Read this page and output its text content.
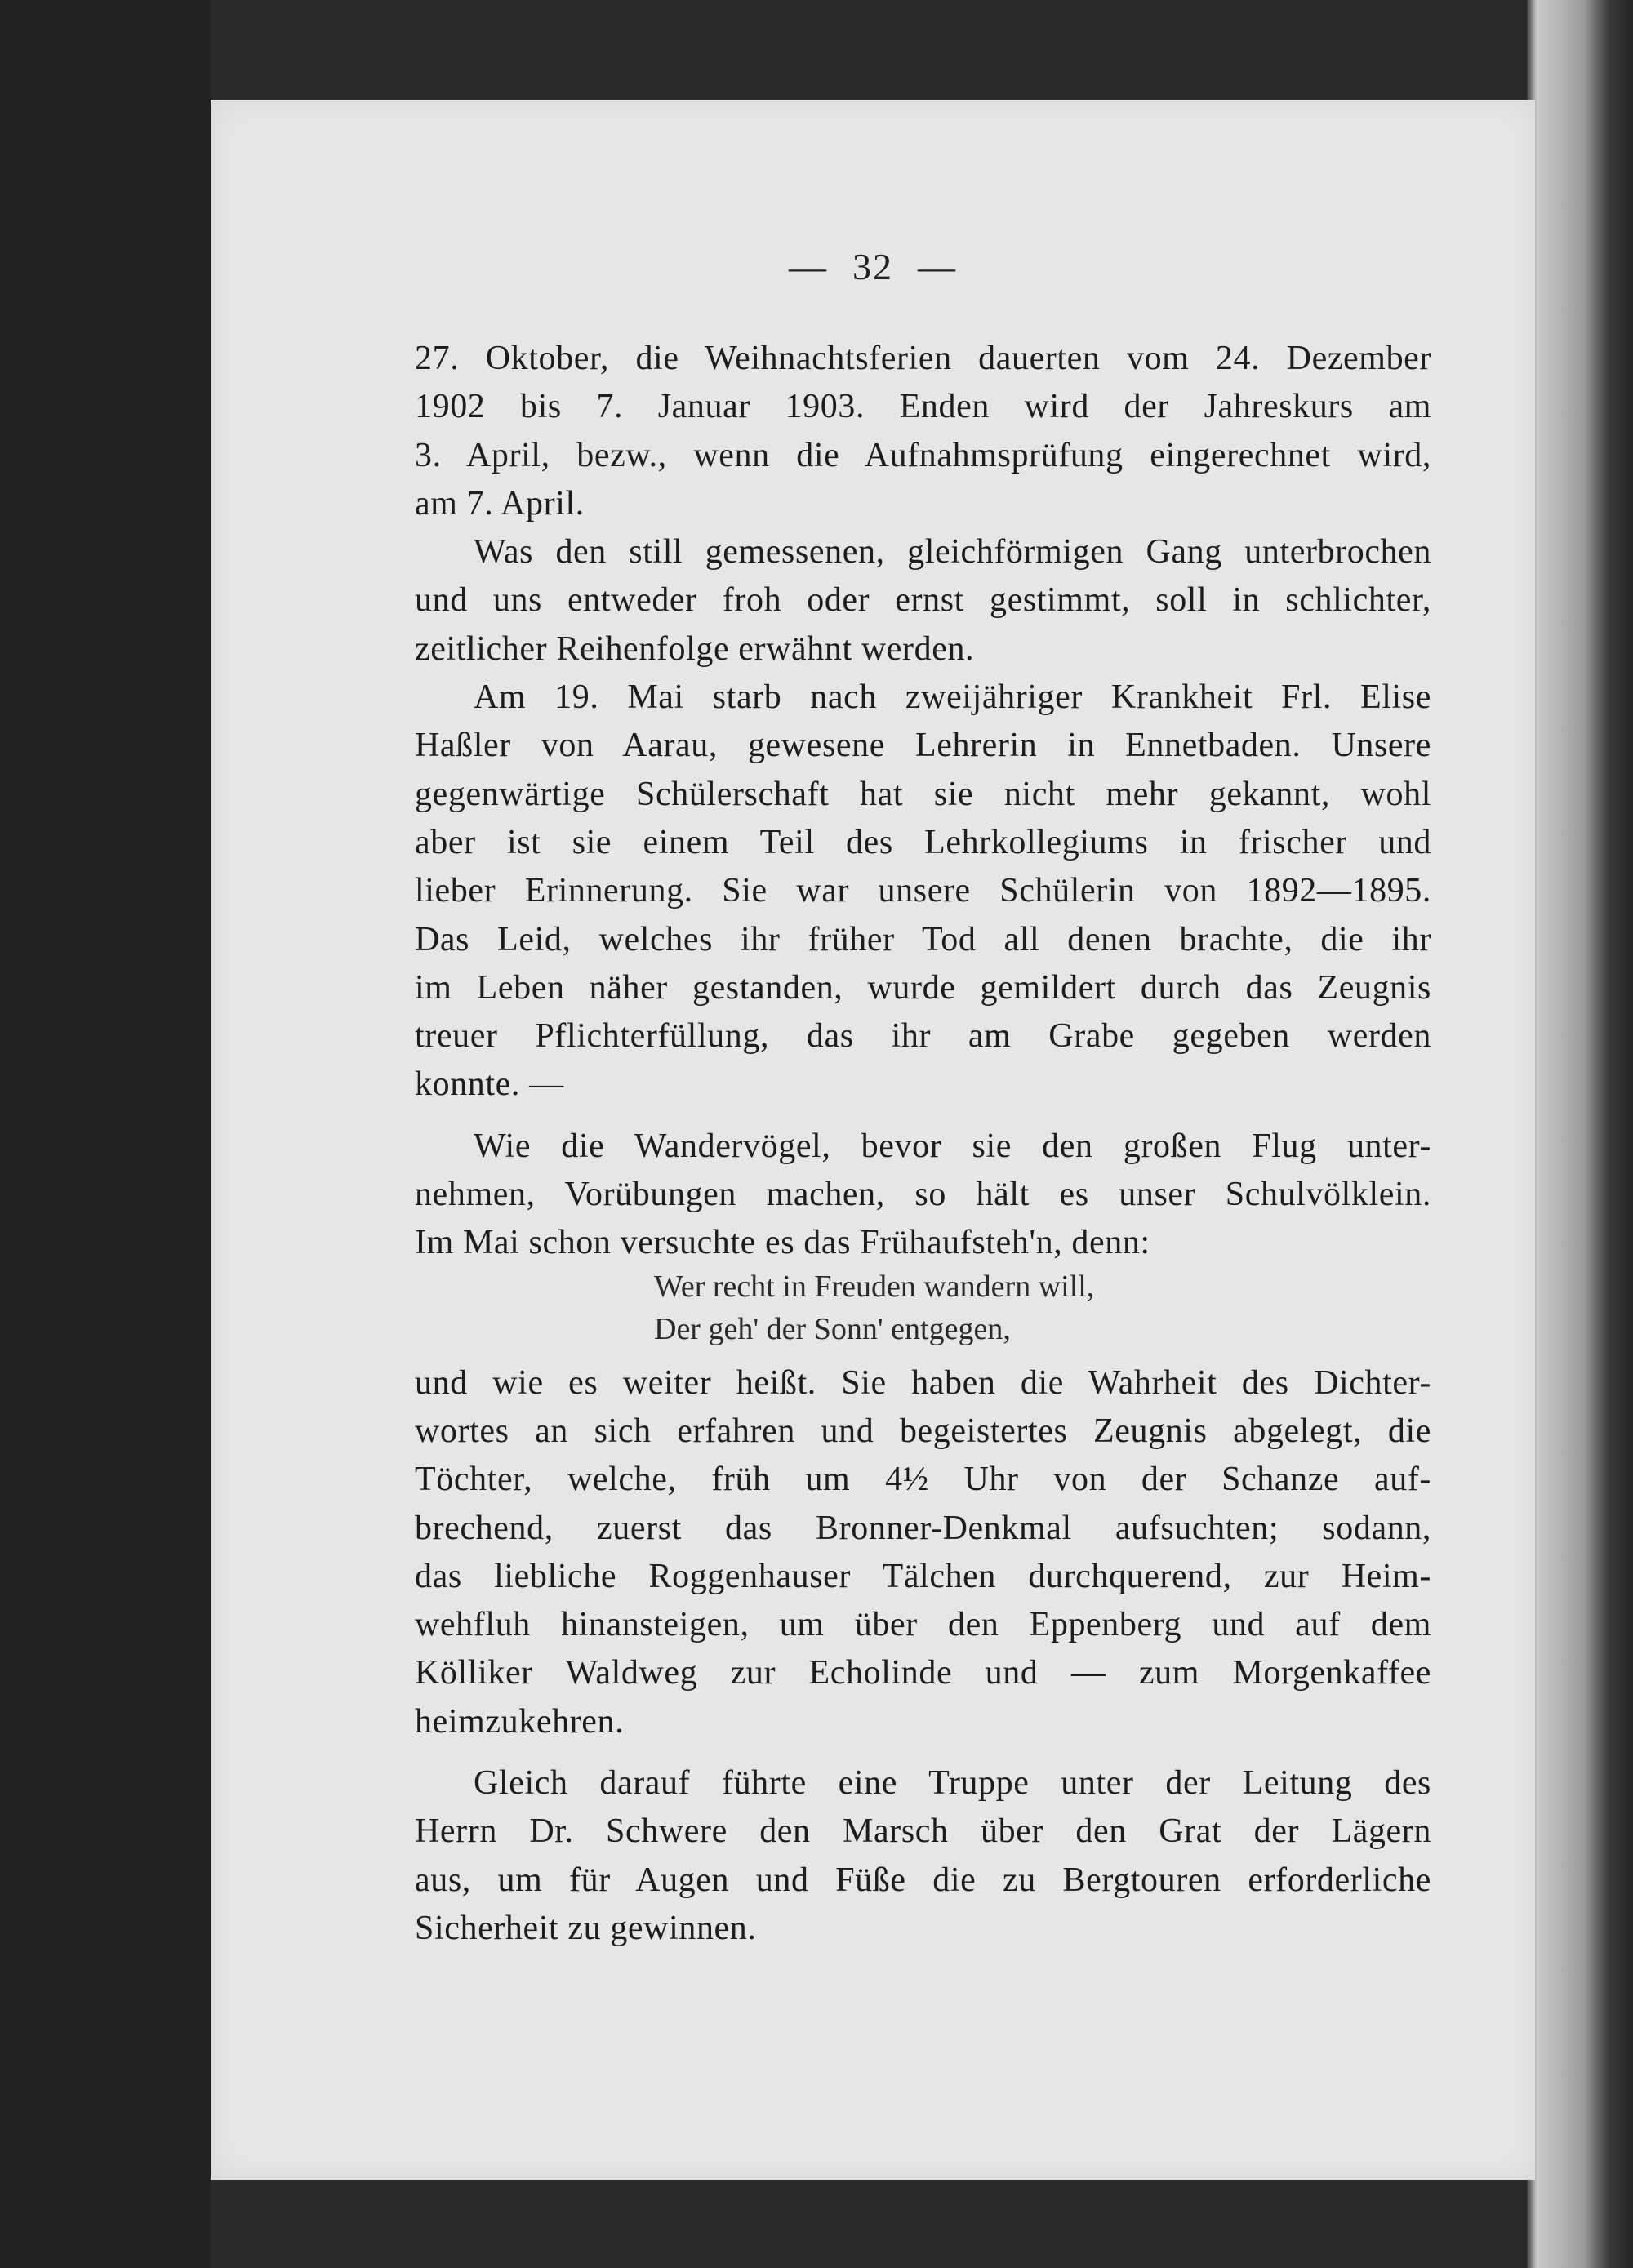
— 32 —
27. Oktober, die Weihnachtsferien dauerten vom 24. Dezember
1902 bis 7. Januar 1903. Enden wird der Jahreskurs am
3. April, bezw., wenn die Aufnahmsprüfung eingerechnet wird,
am 7. April.
Was den still gemessenen, gleichförmigen Gang unterbrochen
und uns entweder froh oder ernst gestimmt, soll in schlichter,
zeitlicher Reihenfolge erwähnt werden.
Am 19. Mai starb nach zweijähriger Krankheit Frl. Elise
Haßler von Aarau, gewesene Lehrerin in Ennetbaden. Unsere
gegenwärtige Schülerschaft hat sie nicht mehr gekannt, wohl
aber ist sie einem Teil des Lehrkollegiums in frischer und
lieber Erinnerung. Sie war unsere Schülerin von 1892—1895.
Das Leid, welches ihr früher Tod all denen brachte, die ihr
im Leben näher gestanden, wurde gemildert durch das Zeugnis
treuer Pflichterfüllung, das ihr am Grabe gegeben werden
konnte. —
Wie die Wandervögel, bevor sie den großen Flug unter-
nehmen, Vorübungen machen, so hält es unser Schulvölklein.
Im Mai schon versuchte es das Frühaufsteh'n, denn:
und wie es weiter heißt. Sie haben die Wahrheit des Dichter-
wortes an sich erfahren und begeistertes Zeugnis abgelegt, die
Töchter, welche, früh um 4½ Uhr von der Schanze auf-
brechend, zuerst das Bronner-Denkmal aufsuchten; sodann,
das liebliche Roggenhauser Tälchen durchquerend, zur Heim-
wehfluh hinansteigen, um über den Eppenberg und auf dem
Kölliker Waldweg zur Echolinde und — zum Morgenkaffee
heimzukehren.
Gleich darauf führte eine Truppe unter der Leitung des
Herrn Dr. Schwere den Marsch über den Grat der Lägern
aus, um für Augen und Füße die zu Bergtouren erforderliche
Sicherheit zu gewinnen.
Wer recht in Freuden wandern will,
Der geh' der Sonn' entgegen,
